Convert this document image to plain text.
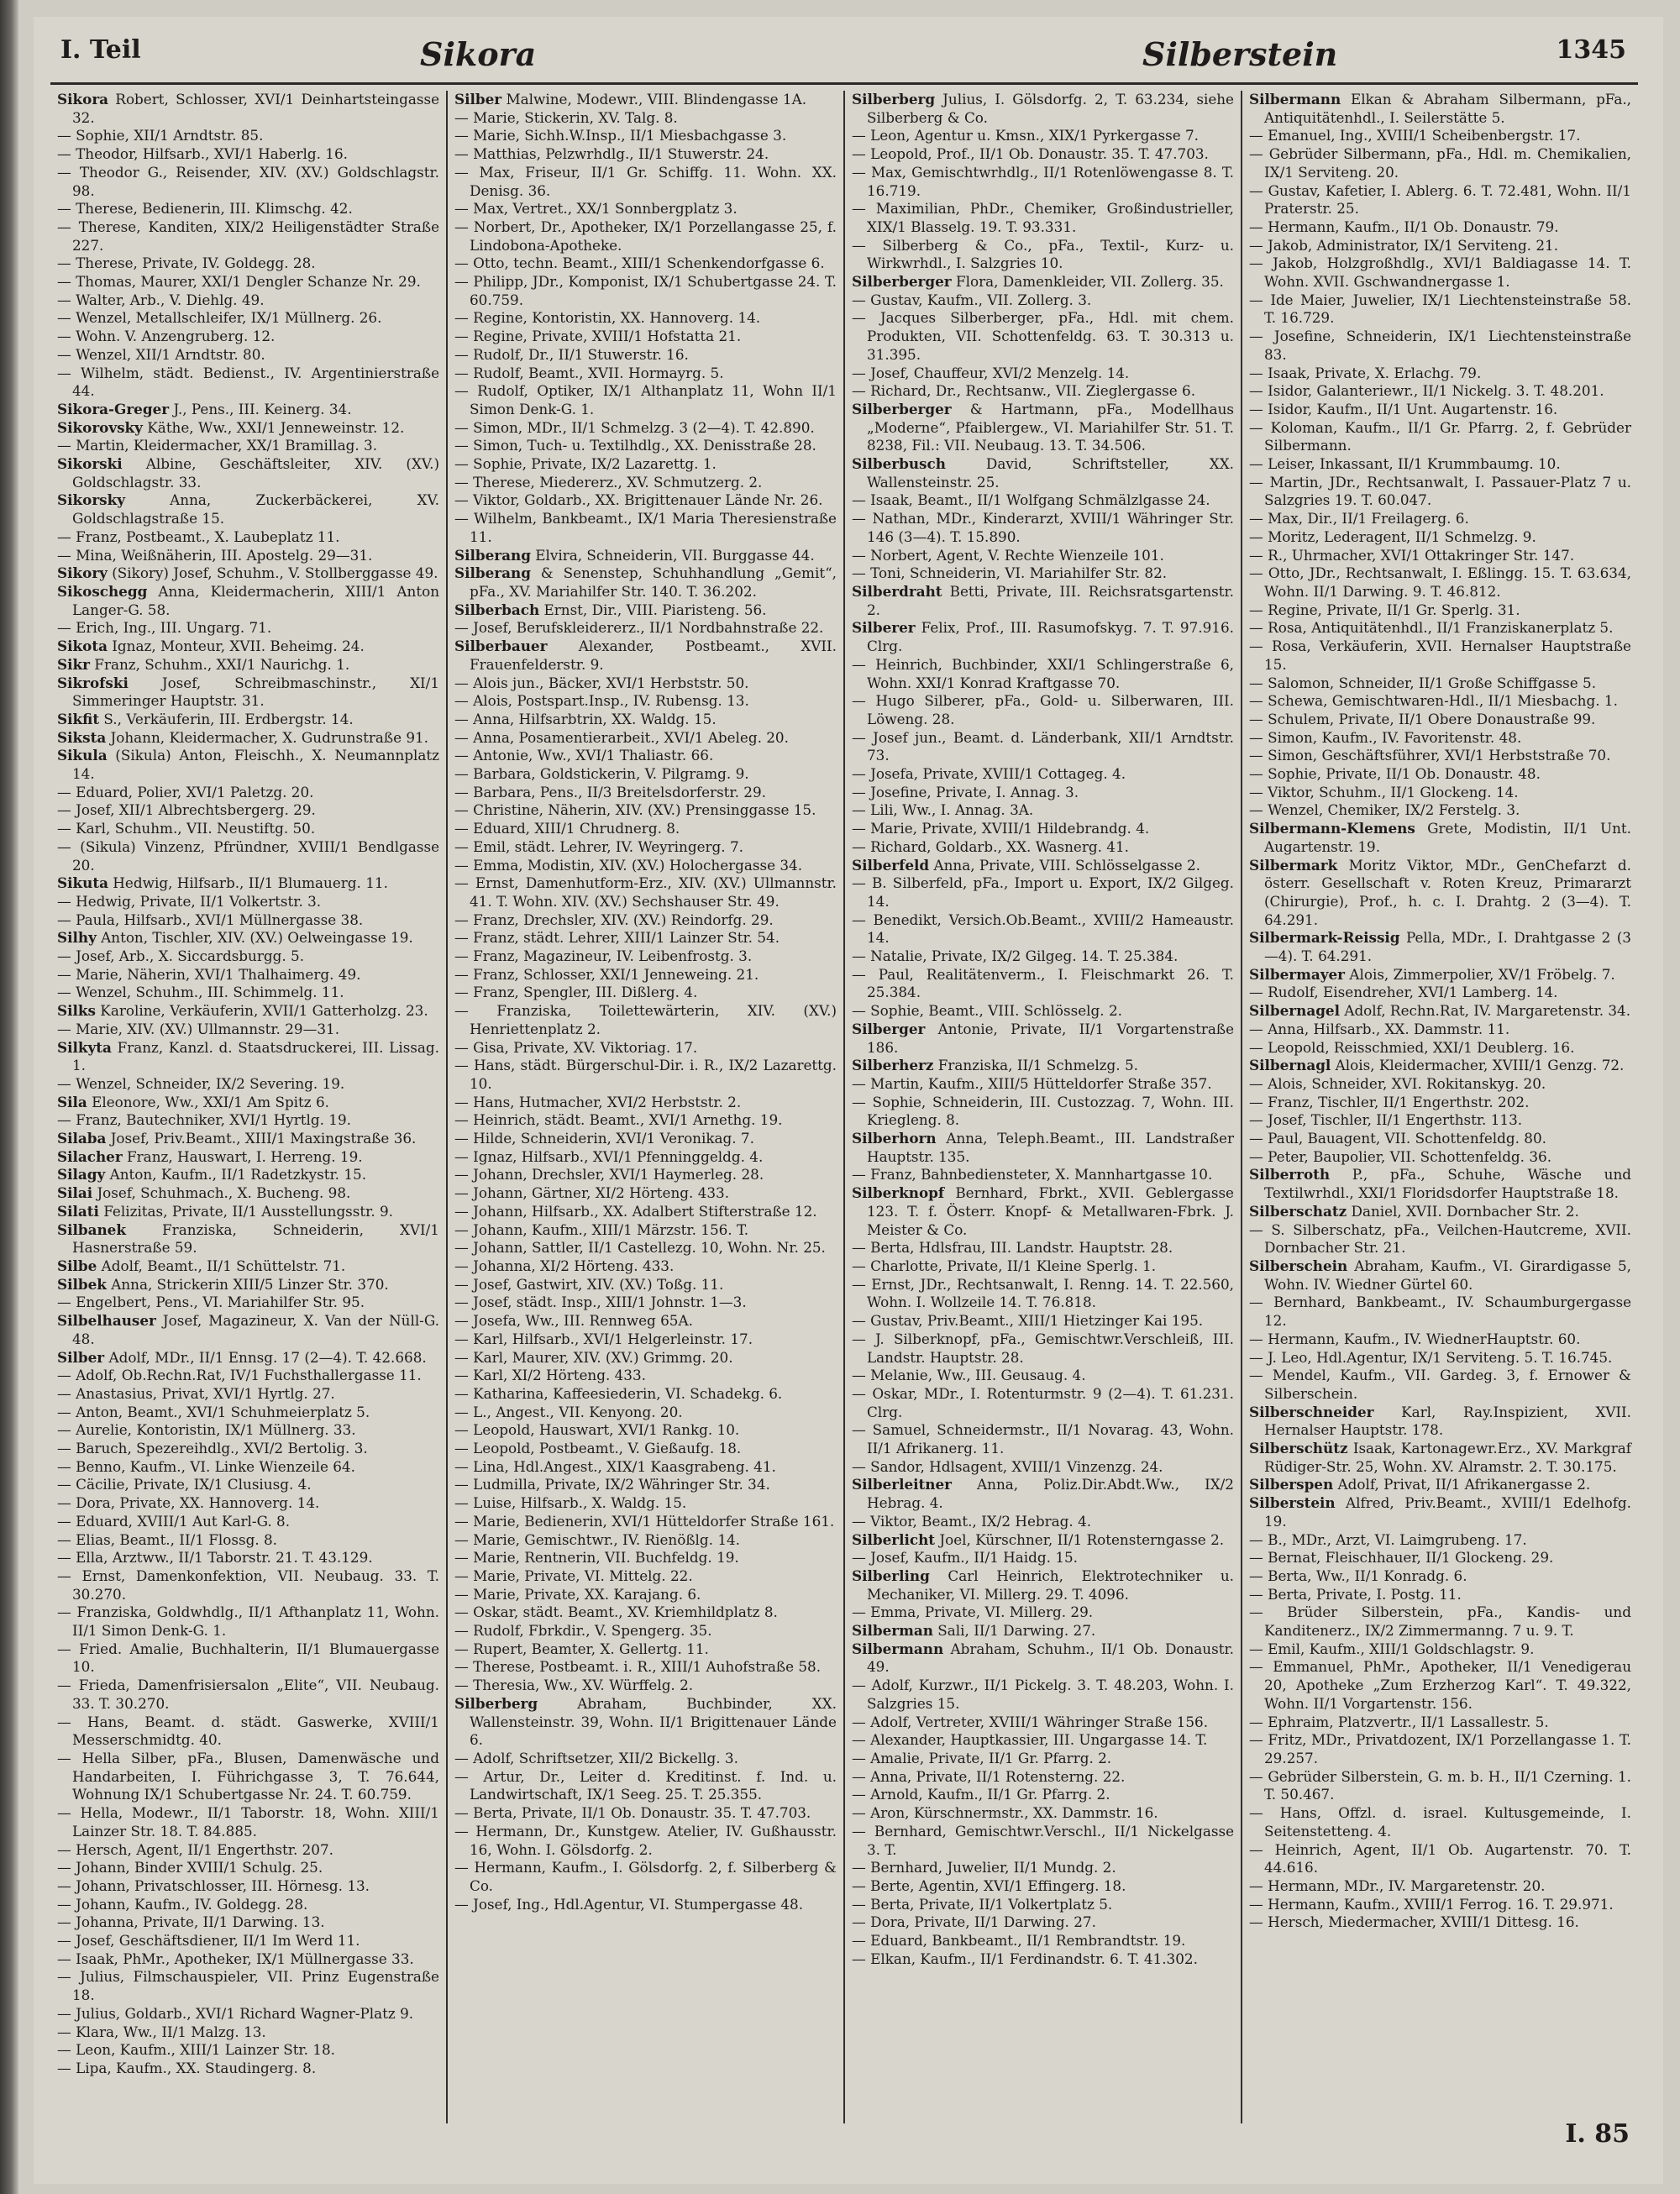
I. Teil	Sikora	Silberstein	1345

Sikora Robert, Schlosser, XVI/1 Deinhartsteingasse 32.

— Sophie, XII/1 Arndtstr. 85.

— Theodor, Hilfsarb., XVI/1 Haberlg. 16.

— Theodor G., Reisender, XIV. (XV.) Goldschlagstr. 98.

— Therese, Bedienerin, III. Klimschg. 42.

— Therese, Kanditen, XIX/2 Heiligenstädter Straße 227.

— Therese, Private, IV. Goldegg. 28.

— Thomas, Maurer, XXI/1 Dengler Schanze Nr. 29.

— Walter, Arb., V. Diehlg. 49.

— Wenzel, Metallschleifer, IX/1 Müllnerg. 26.

— Wohn. V. Anzengruberg. 12.

— Wenzel, XII/1 Arndtstr. 80.

— Wilhelm, städt. Bedienst., IV. Argentinierstraße 44.

Sikora-Greger J., Pens., III. Keinerg. 34.

Sikorovsky Käthe, Ww., XXI/1 Jenneweinstr. 12.

— Martin, Kleidermacher, XX/1 Bramillag. 3.

Sikorski Albine, Geschäftsleiter, XIV. (XV.) Goldschlagstr. 33.

Sikorsky Anna, Zuckerbäckerei, XV. Goldschlagstraße 15.

— Franz, Postbeamt., X. Laubeplatz 11.

— Mina, Weißnäherin, III. Apostelg. 29—31.

Sikory (Sikory) Josef, Schuhm., V. Stollberggasse 49.

Sikoschegg Anna, Kleidermacherin, XIII/1 Anton Langer-G. 58.

— Erich, Ing., III. Ungarg. 71.

Sikota Ignaz, Monteur, XVII. Beheimg. 24.

Sikr Franz, Schuhm., XXI/1 Naurichg. 1.

Sikrofski Josef, Schreibmaschinstr., XI/1 Simmeringer Hauptstr. 31.

Sikfit S., Verkäuferin, III. Erdbergstr. 14.

Siksta Johann, Kleidermacher, X. Gudrunstraße 91.

Sikula (Sikula) Anton, Fleischh., X. Neumannplatz 14.

— Eduard, Polier, XVI/1 Paletzg. 20.

— Josef, XII/1 Albrechtsbergerg. 29.

— Karl, Schuhm., VII. Neustiftg. 50.

— (Sikula) Vinzenz, Pfründner, XVIII/1 Bendlgasse 20.

Sikuta Hedwig, Hilfsarb., II/1 Blumauerg. 11.

— Hedwig, Private, II/1 Volkertstr. 3.

— Paula, Hilfsarb., XVI/1 Müllnergasse 38.

Silhy Anton, Tischler, XIV. (XV.) Oelweingasse 19.

— Josef, Arb., X. Siccardsburgg. 5.

— Marie, Näherin, XVI/1 Thalhaimerg. 49.

— Wenzel, Schuhm., III. Schimmelg. 11.

Silks Karoline, Verkäuferin, XVII/1 Gatterholzg. 23.

— Marie, XIV. (XV.) Ullmannstr. 29—31.

Silkyta Franz, Kanzl. d. Staatsdruckerei, III. Lissag. 1.

— Wenzel, Schneider, IX/2 Severing. 19.

Sila Eleonore, Ww., XXI/1 Am Spitz 6.

— Franz, Bautechniker, XVI/1 Hyrtlg. 19.

Silaba Josef, Priv.Beamt., XIII/1 Maxingstraße 36.

Silacher Franz, Hauswart, I. Herreng. 19.

Silagy Anton, Kaufm., II/1 Radetzkystr. 15.

Silai Josef, Schuhmach., X. Bucheng. 98.

Silati Felizitas, Private, II/1 Ausstellungsstr. 9.

Silbanek Franziska, Schneiderin, XVI/1 Hasnerstraße 59.

Silbe Adolf, Beamt., II/1 Schüttelstr. 71.

Silbek Anna, Strickerin XIII/5 Linzer Str. 370.

— Engelbert, Pens., VI. Mariahilfer Str. 95.

Silbelhauser Josef, Magazineur, X. Van der Nüll-G. 48.

Silber Adolf, MDr., II/1 Ennsg. 17 (2—4). T. 42.668.

— Adolf, Ob.Rechn.Rat, IV/1 Fuchsthallergasse 11.

— Anastasius, Privat, XVI/1 Hyrtlg. 27.

— Anton, Beamt., XVI/1 Schuhmeierplatz 5.

— Aurelie, Kontoristin, IX/1 Müllnerg. 33.

— Baruch, Spezereihdlg., XVI/2 Bertolig. 3.

— Benno, Kaufm., VI. Linke Wienzeile 64.

— Cäcilie, Private, IX/1 Clusiusg. 4.

— Dora, Private, XX. Hannoverg. 14.

— Eduard, XVIII/1 Aut Karl-G. 8.

— Elias, Beamt., II/1 Flossg. 8.

— Ella, Arztww., II/1 Taborstr. 21. T. 43.129.

— Ernst, Damenkonfektion, VII. Neubaug. 33. T. 30.270.

— Franziska, Goldwhdlg., II/1 Afthanplatz 11, Wohn. II/1 Simon Denk-G. 1.

— Fried. Amalie, Buchhalterin, II/1 Blumauergasse 10.

— Frieda, Damenfrisiersalon „Elite“, VII. Neubaug. 33. T. 30.270.

— Hans, Beamt. d. städt. Gaswerke, XVIII/1 Messerschmidtg. 40.

— Hella Silber, pFa., Blusen, Damenwäsche und Handarbeiten, I. Führichgasse 3, T. 76.644, Wohnung IX/1 Schubertgasse Nr. 24. T. 60.759.

— Hella, Modewr., II/1 Taborstr. 18, Wohn. XIII/1 Lainzer Str. 18. T. 84.885.

— Hersch, Agent, II/1 Engerthstr. 207.

— Johann, Binder XVIII/1 Schulg. 25.

— Johann, Privatschlosser, III. Hörnesg. 13.

— Johann, Kaufm., IV. Goldegg. 28.

— Johanna, Private, II/1 Darwing. 13.

— Josef, Geschäftsdiener, II/1 Im Werd 11.

— Isaak, PhMr., Apotheker, IX/1 Müllnergasse 33.

— Julius, Filmschauspieler, VII. Prinz Eugenstraße 18.

— Julius, Goldarb., XVI/1 Richard Wagner-Platz 9.

— Klara, Ww., II/1 Malzg. 13.

— Leon, Kaufm., XIII/1 Lainzer Str. 18.

— Lipa, Kaufm., XX. Staudingerg. 8.

Silber Malwine, Modewr., VIII. Blindengasse 1A.

— Marie, Stickerin, XV. Talg. 8.

— Marie, Sichh.W.Insp., II/1 Miesbachgasse 3.

— Matthias, Pelzwrhdlg., II/1 Stuwerstr. 24.

— Max, Friseur, II/1 Gr. Schiffg. 11. Wohn. XX. Denisg. 36.

— Max, Vertret., XX/1 Sonnbergplatz 3.

— Norbert, Dr., Apotheker, IX/1 Porzellangasse 25, f. Lindobona-Apotheke.

— Otto, techn. Beamt., XIII/1 Schenkendorfgasse 6.

— Philipp, JDr., Komponist, IX/1 Schubertgasse 24. T. 60.759.

— Regine, Kontoristin, XX. Hannoverg. 14.

— Regine, Private, XVIII/1 Hofstatta 21.

— Rudolf, Dr., II/1 Stuwerstr. 16.

— Rudolf, Beamt., XVII. Hormayrg. 5.

— Rudolf, Optiker, IX/1 Althanplatz 11, Wohn II/1 Simon Denk-G. 1.

— Simon, MDr., II/1 Schmelzg. 3 (2—4). T. 42.890.

— Simon, Tuch- u. Textilhdlg., XX. Denisstraße 28.

— Sophie, Private, IX/2 Lazarettg. 1.

— Therese, Miedererz., XV. Schmutzerg. 2.

— Viktor, Goldarb., XX. Brigittenauer Lände Nr. 26.

— Wilhelm, Bankbeamt., IX/1 Maria Theresienstraße 11.

Silberang Elvira, Schneiderin, VII. Burggasse 44.

Silberang & Senenstep, Schuhhandlung „Gemit“, pFa., XV. Mariahilfer Str. 140. T. 36.202.

Silberbach Ernst, Dir., VIII. Piaristeng. 56.

— Josef, Berufskleidererz., II/1 Nordbahnstraße 22.

Silberbauer Alexander, Postbeamt., XVII. Frauenfelderstr. 9.

— Alois jun., Bäcker, XVI/1 Herbststr. 50.

— Alois, Postspart.Insp., IV. Rubensg. 13.

— Anna, Hilfsarbtrin, XX. Waldg. 15.

— Anna, Posamentierarbeit., XVI/1 Abeleg. 20.

— Antonie, Ww., XVI/1 Thaliastr. 66.

— Barbara, Goldstickerin, V. Pilgramg. 9.

— Barbara, Pens., II/3 Breitelsdorferstr. 29.

— Christine, Näherin, XIV. (XV.) Prensinggasse 15.

— Eduard, XIII/1 Chrudnerg. 8.

— Emil, städt. Lehrer, IV. Weyringerg. 7.

— Emma, Modistin, XIV. (XV.) Holochergasse 34.

— Ernst, Damenhutform-Erz., XIV. (XV.) Ullmannstr. 41. T. Wohn. XIV. (XV.) Sechshauser Str. 49.

— Franz, Drechsler, XIV. (XV.) Reindorfg. 29.

— Franz, städt. Lehrer, XIII/1 Lainzer Str. 54.

— Franz, Magazineur, IV. Leibenfrostg. 3.

— Franz, Schlosser, XXI/1 Jenneweing. 21.

— Franz, Spengler, III. Dißlerg. 4.

— Franziska, Toilettewärterin, XIV. (XV.) Henriettenplatz 2.

— Gisa, Private, XV. Viktoriag. 17.

— Hans, städt. Bürgerschul-Dir. i. R., IX/2 Lazarettg. 10.

— Hans, Hutmacher, XVI/2 Herbststr. 2.

— Heinrich, städt. Beamt., XVI/1 Arnethg. 19.

— Hilde, Schneiderin, XVI/1 Veronikag. 7.

— Ignaz, Hilfsarb., XVI/1 Pfenninggeldg. 4.

— Johann, Drechsler, XVI/1 Haymerleg. 28.

— Johann, Gärtner, XI/2 Hörteng. 433.

— Johann, Hilfsarb., XX. Adalbert Stifterstraße 12.

— Johann, Kaufm., XIII/1 Märzstr. 156. T.

— Johann, Sattler, II/1 Castellezg. 10, Wohn. Nr. 25.

— Johanna, XI/2 Hörteng. 433.

— Josef, Gastwirt, XIV. (XV.) Toßg. 11.

— Josef, städt. Insp., XIII/1 Johnstr. 1—3.

— Josefa, Ww., III. Rennweg 65A.

— Karl, Hilfsarb., XVI/1 Helgerleinstr. 17.

— Karl, Maurer, XIV. (XV.) Grimmg. 20.

— Karl, XI/2 Hörteng. 433.

— Katharina, Kaffeesiederin, VI. Schadekg. 6.

— L., Angest., VII. Kenyong. 20.

— Leopold, Hauswart, XVI/1 Rankg. 10.

— Leopold, Postbeamt., V. Gießaufg. 18.

— Lina, Hdl.Angest., XIX/1 Kaasgrabeng. 41.

— Ludmilla, Private, IX/2 Währinger Str. 34.

— Luise, Hilfsarb., X. Waldg. 15.

— Marie, Bedienerin, XVI/1 Hütteldorfer Straße 161.

— Marie, Gemischtwr., IV. Rienößlg. 14.

— Marie, Rentnerin, VII. Buchfeldg. 19.

— Marie, Private, VI. Mittelg. 22.

— Marie, Private, XX. Karajang. 6.

— Oskar, städt. Beamt., XV. Kriemhildplatz 8.

— Rudolf, Fbrkdir., V. Spengerg. 35.

— Rupert, Beamter, X. Gellertg. 11.

— Therese, Postbeamt. i. R., XIII/1 Auhofstraße 58.

— Theresia, Ww., XV. Würffelg. 2.

Silberberg Abraham, Buchbinder, XX. Wallensteinstr. 39, Wohn. II/1 Brigittenauer Lände 6.

— Adolf, Schriftsetzer, XII/2 Bickellg. 3.

— Artur, Dr., Leiter d. Kreditinst. f. Ind. u. Landwirtschaft, IX/1 Seeg. 25. T. 25.355.

— Berta, Private, II/1 Ob. Donaustr. 35. T. 47.703.

— Hermann, Dr., Kunstgew. Atelier, IV. Gußhausstr. 16, Wohn. I. Gölsdorfg. 2.

— Hermann, Kaufm., I. Gölsdorfg. 2, f. Silberberg & Co.

— Josef, Ing., Hdl.Agentur, VI. Stumpergasse 48.

Silberberg Julius, I. Gölsdorfg. 2, T. 63.234, siehe Silberberg & Co.

— Leon, Agentur u. Kmsn., XIX/1 Pyrkergasse 7.

— Leopold, Prof., II/1 Ob. Donaustr. 35. T. 47.703.

— Max, Gemischtwrhdlg., II/1 Rotenlöwengasse 8. T. 16.719.

— Maximilian, PhDr., Chemiker, Großindustrieller, XIX/1 Blasselg. 19. T. 93.331.

— Silberberg & Co., pFa., Textil-, Kurz- u. Wirkwrhdl., I. Salzgries 10.

Silberberger Flora, Damenkleider, VII. Zollerg. 35.

— Gustav, Kaufm., VII. Zollerg. 3.

— Jacques Silberberger, pFa., Hdl. mit chem. Produkten, VII. Schottenfeldg. 63. T. 30.313 u. 31.395.

— Josef, Chauffeur, XVI/2 Menzelg. 14.

— Richard, Dr., Rechtsanw., VII. Zieglergasse 6.

Silberberger & Hartmann, pFa., Modellhaus „Moderne“, Pfaiblergew., VI. Mariahilfer Str. 51. T. 8238, Fil.: VII. Neubaug. 13. T. 34.506.

Silberbusch David, Schriftsteller, XX. Wallensteinstr. 25.

— Isaak, Beamt., II/1 Wolfgang Schmälzlgasse 24.

— Nathan, MDr., Kinderarzt, XVIII/1 Währinger Str. 146 (3—4). T. 15.890.

— Norbert, Agent, V. Rechte Wienzeile 101.

— Toni, Schneiderin, VI. Mariahilfer Str. 82.

Silberdraht Betti, Private, III. Reichsratsgartenstr. 2.

Silberer Felix, Prof., III. Rasumofskyg. 7. T. 97.916. Clrg.

— Heinrich, Buchbinder, XXI/1 Schlingerstraße 6, Wohn. XXI/1 Konrad Kraftgasse 70.

— Hugo Silberer, pFa., Gold- u. Silberwaren, III. Löweng. 28.

— Josef jun., Beamt. d. Länderbank, XII/1 Arndtstr. 73.

— Josefa, Private, XVIII/1 Cottageg. 4.

— Josefine, Private, I. Annag. 3.

— Lili, Ww., I. Annag. 3A.

— Marie, Private, XVIII/1 Hildebrandg. 4.

— Richard, Goldarb., XX. Wasnerg. 41.

Silberfeld Anna, Private, VIII. Schlösselgasse 2.

— B. Silberfeld, pFa., Import u. Export, IX/2 Gilgeg. 14.

— Benedikt, Versich.Ob.Beamt., XVIII/2 Hameaustr. 14.

— Natalie, Private, IX/2 Gilgeg. 14. T. 25.384.

— Paul, Realitätenverm., I. Fleischmarkt 26. T. 25.384.

— Sophie, Beamt., VIII. Schlösselg. 2.

Silberger Antonie, Private, II/1 Vorgartenstraße 186.

Silberherz Franziska, II/1 Schmelzg. 5.

— Martin, Kaufm., XIII/5 Hütteldorfer Straße 357.

— Sophie, Schneiderin, III. Custozzag. 7, Wohn. III. Kriegleng. 8.

Silberhorn Anna, Teleph.Beamt., III. Landstraßer Hauptstr. 135.

— Franz, Bahnbediensteter, X. Mannhartgasse 10.

Silberknopf Bernhard, Fbrkt., XVII. Geblergasse 123. T. f. Österr. Knopf- & Metallwaren-Fbrk. J. Meister & Co.

— Berta, Hdlsfrau, III. Landstr. Hauptstr. 28.

— Charlotte, Private, II/1 Kleine Sperlg. 1.

— Ernst, JDr., Rechtsanwalt, I. Renng. 14. T. 22.560, Wohn. I. Wollzeile 14. T. 76.818.

— Gustav, Priv.Beamt., XIII/1 Hietzinger Kai 195.

— J. Silberknopf, pFa., Gemischtwr.Verschleiß, III. Landstr. Hauptstr. 28.

— Melanie, Ww., III. Geusaug. 4.

— Oskar, MDr., I. Rotenturmstr. 9 (2—4). T. 61.231. Clrg.

— Samuel, Schneidermstr., II/1 Novarag. 43, Wohn. II/1 Afrikanerg. 11.

— Sandor, Hdlsagent, XVIII/1 Vinzenzg. 24.

Silberleitner Anna, Poliz.Dir.Abdt.Ww., IX/2 Hebrag. 4.

— Viktor, Beamt., IX/2 Hebrag. 4.

Silberlicht Joel, Kürschner, II/1 Rotensterngasse 2.

— Josef, Kaufm., II/1 Haidg. 15.

Silberling Carl Heinrich, Elektrotechniker u. Mechaniker, VI. Millerg. 29. T. 4096.

— Emma, Private, VI. Millerg. 29.

Silberman Sali, II/1 Darwing. 27.

Silbermann Abraham, Schuhm., II/1 Ob. Donaustr. 49.

— Adolf, Kurzwr., II/1 Pickelg. 3. T. 48.203, Wohn. I. Salzgries 15.

— Adolf, Vertreter, XVIII/1 Währinger Straße 156.

— Alexander, Hauptkassier, III. Ungargasse 14. T.

— Amalie, Private, II/1 Gr. Pfarrg. 2.

— Anna, Private, II/1 Rotensterng. 22.

— Arnold, Kaufm., II/1 Gr. Pfarrg. 2.

— Aron, Kürschnermstr., XX. Dammstr. 16.

— Bernhard, Gemischtwr.Verschl., II/1 Nickelgasse 3. T.

— Bernhard, Juwelier, II/1 Mundg. 2.

— Berte, Agentin, XVI/1 Effingerg. 18.

— Berta, Private, II/1 Volkertplatz 5.

— Dora, Private, II/1 Darwing. 27.

— Eduard, Bankbeamt., II/1 Rembrandtstr. 19.

— Elkan, Kaufm., II/1 Ferdinandstr. 6. T. 41.302.

Silbermann Elkan & Abraham Silbermann, pFa., Antiquitätenhdl., I. Seilerstätte 5.

— Emanuel, Ing., XVIII/1 Scheibenbergstr. 17.

— Gebrüder Silbermann, pFa., Hdl. m. Chemikalien, IX/1 Serviteng. 20.

— Gustav, Kafetier, I. Ablerg. 6. T. 72.481, Wohn. II/1 Praterstr. 25.

— Hermann, Kaufm., II/1 Ob. Donaustr. 79.

— Jakob, Administrator, IX/1 Serviteng. 21.

— Jakob, Holzgroßhdlg., XVI/1 Baldiagasse 14. T. Wohn. XVII. Gschwandnergasse 1.

— Ide Maier, Juwelier, IX/1 Liechtensteinstraße 58. T. 16.729.

— Josefine, Schneiderin, IX/1 Liechtensteinstraße 83.

— Isaak, Private, X. Erlachg. 79.

— Isidor, Galanteriewr., II/1 Nickelg. 3. T. 48.201.

— Isidor, Kaufm., II/1 Unt. Augartenstr. 16.

— Koloman, Kaufm., II/1 Gr. Pfarrg. 2, f. Gebrüder Silbermann.

— Leiser, Inkassant, II/1 Krummbaumg. 10.

— Martin, JDr., Rechtsanwalt, I. Passauer-Platz 7 u. Salzgries 19. T. 60.047.

— Max, Dir., II/1 Freilagerg. 6.

— Moritz, Lederagent, II/1 Schmelzg. 9.

— R., Uhrmacher, XVI/1 Ottakringer Str. 147.

— Otto, JDr., Rechtsanwalt, I. Eßlingg. 15. T. 63.634, Wohn. II/1 Darwing. 9. T. 46.812.

— Regine, Private, II/1 Gr. Sperlg. 31.

— Rosa, Antiquitätenhdl., II/1 Franziskanerplatz 5.

— Rosa, Verkäuferin, XVII. Hernalser Hauptstraße 15.

— Salomon, Schneider, II/1 Große Schiffgasse 5.

— Schewa, Gemischtwaren-Hdl., II/1 Miesbachg. 1.

— Schulem, Private, II/1 Obere Donaustraße 99.

— Simon, Kaufm., IV. Favoritenstr. 48.

— Simon, Geschäftsführer, XVI/1 Herbststraße 70.

— Sophie, Private, II/1 Ob. Donaustr. 48.

— Viktor, Schuhm., II/1 Glockeng. 14.

— Wenzel, Chemiker, IX/2 Ferstelg. 3.

Silbermann-Klemens Grete, Modistin, II/1 Unt. Augartenstr. 19.

Silbermark Moritz Viktor, MDr., GenChefarzt d. österr. Gesellschaft v. Roten Kreuz, Primararzt (Chirurgie), Prof., h. c. I. Drahtg. 2 (3—4). T. 64.291.

Silbermark-Reissig Pella, MDr., I. Drahtgasse 2 (3—4). T. 64.291.

Silbermayer Alois, Zimmerpolier, XV/1 Fröbelg. 7.

— Rudolf, Eisendreher, XVI/1 Lamberg. 14.

Silbernagel Adolf, Rechn.Rat, IV. Margaretenstr. 34.

— Anna, Hilfsarb., XX. Dammstr. 11.

— Leopold, Reisschmied, XXI/1 Deublerg. 16.

Silbernagl Alois, Kleidermacher, XVIII/1 Genzg. 72.

— Alois, Schneider, XVI. Rokitanskyg. 20.

— Franz, Tischler, II/1 Engerthstr. 202.

— Josef, Tischler, II/1 Engerthstr. 113.

— Paul, Bauagent, VII. Schottenfeldg. 80.

— Peter, Baupolier, VII. Schottenfeldg. 36.

Silberroth P., pFa., Schuhe, Wäsche und Textilwrhdl., XXI/1 Floridsdorfer Hauptstraße 18.

Silberschatz Daniel, XVII. Dornbacher Str. 2.

— S. Silberschatz, pFa., Veilchen-Hautcreme, XVII. Dornbacher Str. 21.

Silberschein Abraham, Kaufm., VI. Girardigasse 5, Wohn. IV. Wiedner Gürtel 60.

— Bernhard, Bankbeamt., IV. Schaumburgergasse 12.

— Hermann, Kaufm., IV. WiednerHauptstr. 60.

— J. Leo, Hdl.Agentur, IX/1 Serviteng. 5. T. 16.745.

— Mendel, Kaufm., VII. Gardeg. 3, f. Ernower & Silberschein.

Silberschneider Karl, Ray.Inspizient, XVII. Hernalser Hauptstr. 178.

Silberschütz Isaak, Kartonagewr.Erz., XV. Markgraf Rüdiger-Str. 25, Wohn. XV. Alramstr. 2. T. 30.175.

Silberspen Adolf, Privat, II/1 Afrikanergasse 2.

Silberstein Alfred, Priv.Beamt., XVIII/1 Edelhofg. 19.

— B., MDr., Arzt, VI. Laimgrubeng. 17.

— Bernat, Fleischhauer, II/1 Glockeng. 29.

— Berta, Ww., II/1 Konradg. 6.

— Berta, Private, I. Postg. 11.

— Brüder Silberstein, pFa., Kandis- und Kanditenerz., IX/2 Zimmermanng. 7 u. 9. T.

— Emil, Kaufm., XIII/1 Goldschlagstr. 9.

— Emmanuel, PhMr., Apotheker, II/1 Venedigerau 20, Apotheke „Zum Erzherzog Karl“. T. 49.322, Wohn. II/1 Vorgartenstr. 156.

— Ephraim, Platzvertr., II/1 Lassallestr. 5.

— Fritz, MDr., Privatdozent, IX/1 Porzellangasse 1. T. 29.257.

— Gebrüder Silberstein, G. m. b. H., II/1 Czerning. 1. T. 50.467.

— Hans, Offzl. d. israel. Kultusgemeinde, I. Seitenstetteng. 4.

— Heinrich, Agent, II/1 Ob. Augartenstr. 70. T. 44.616.

— Hermann, MDr., IV. Margaretenstr. 20.

— Hermann, Kaufm., XVIII/1 Ferrog. 16. T. 29.971.

— Hersch, Miedermacher, XVIII/1 Dittesg. 16.

I. 85
